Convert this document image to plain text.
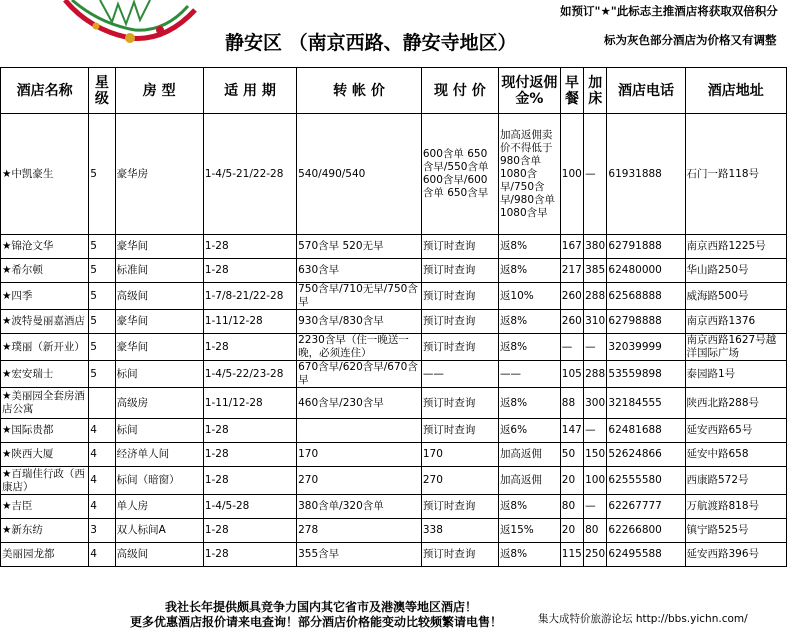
静安区 （南京西路、静安寺地区）
如预订"★"此标志主推酒店将获取双倍积分
标为灰色部分酒店为价格又有调整
酒店名称	星级	房 型	适 用 期	转 帐 价	现 付 价	现付返佣金%	早餐	加床	酒店电话	酒店地址
★中凯豪生	5	豪华房	1-4/5-21/22-28	540/490/540	600含单 650含早/550含单600含早/600含单 650含早	加高返佣卖价不得低于980含单 1080含早/750含早/980含单 1080含早	100	—	61931888	石门一路118号
★锦沧文华	5	豪华间	1-28	570含早 520无早	预订时查询	返8%	167	380	62791888	南京西路1225号
★希尔顿	5	标准间	1-28	630含早	预订时查询	返8%	217	385	62480000	华山路250号
★四季	5	高级间	1-7/8-21/22-28	750含早/710无早/750含早	预订时查询	返10%	260	288	62568888	威海路500号
★波特曼丽嘉酒店	5	豪华间	1-11/12-28	930含早/830含早	预订时查询	返8%	260	310	62798888	南京西路1376
★璞丽（新开业）	5	豪华间	1-28	2230含早（住一晚送一晚，必须连住）	预订时查询	返8%	—	—	32039999	南京西路1627号越洋国际广场
★宏安瑞士	5	标间	1-4/5-22/23-28	670含早/620含早/670含早	——	——	105	288	53559898	泰园路1号
★美丽园全套房酒店公寓		高级房	1-11/12-28	460含早/230含早	预订时查询	返8%	88	300	32184555	陕西北路288号
★国际贵都	4	标间	1-28		预订时查询	返6%	147	—	62481688	延安西路65号
★陕西大厦	4	经济单人间	1-28	170	170	加高返佣	50	150	52624866	延安中路658
★百瑞佳行政（西康店）	4	标间（暗窗）	1-28	270	270	加高返佣	20	100	62555580	西康路572号
★吉臣	4	单人房	1-4/5-28	380含单/320含单	预订时查询	返8%	80	—	62267777	万航渡路818号
★新东纺	3	双人标间A	1-28	278	338	返15%	20	80	62266800	镇宁路525号
美丽园龙都	4	高级间	1-28	355含早	预订时查询	返8%	115	250	62495588	延安西路396号
我社长年提供颇具竞争力国内其它省市及港澳等地区酒店！
更多优惠酒店报价请来电查询！部分酒店价格能变动比较频繁请电售！	集大成特价旅游论坛 http://bbs.yichn.com/
